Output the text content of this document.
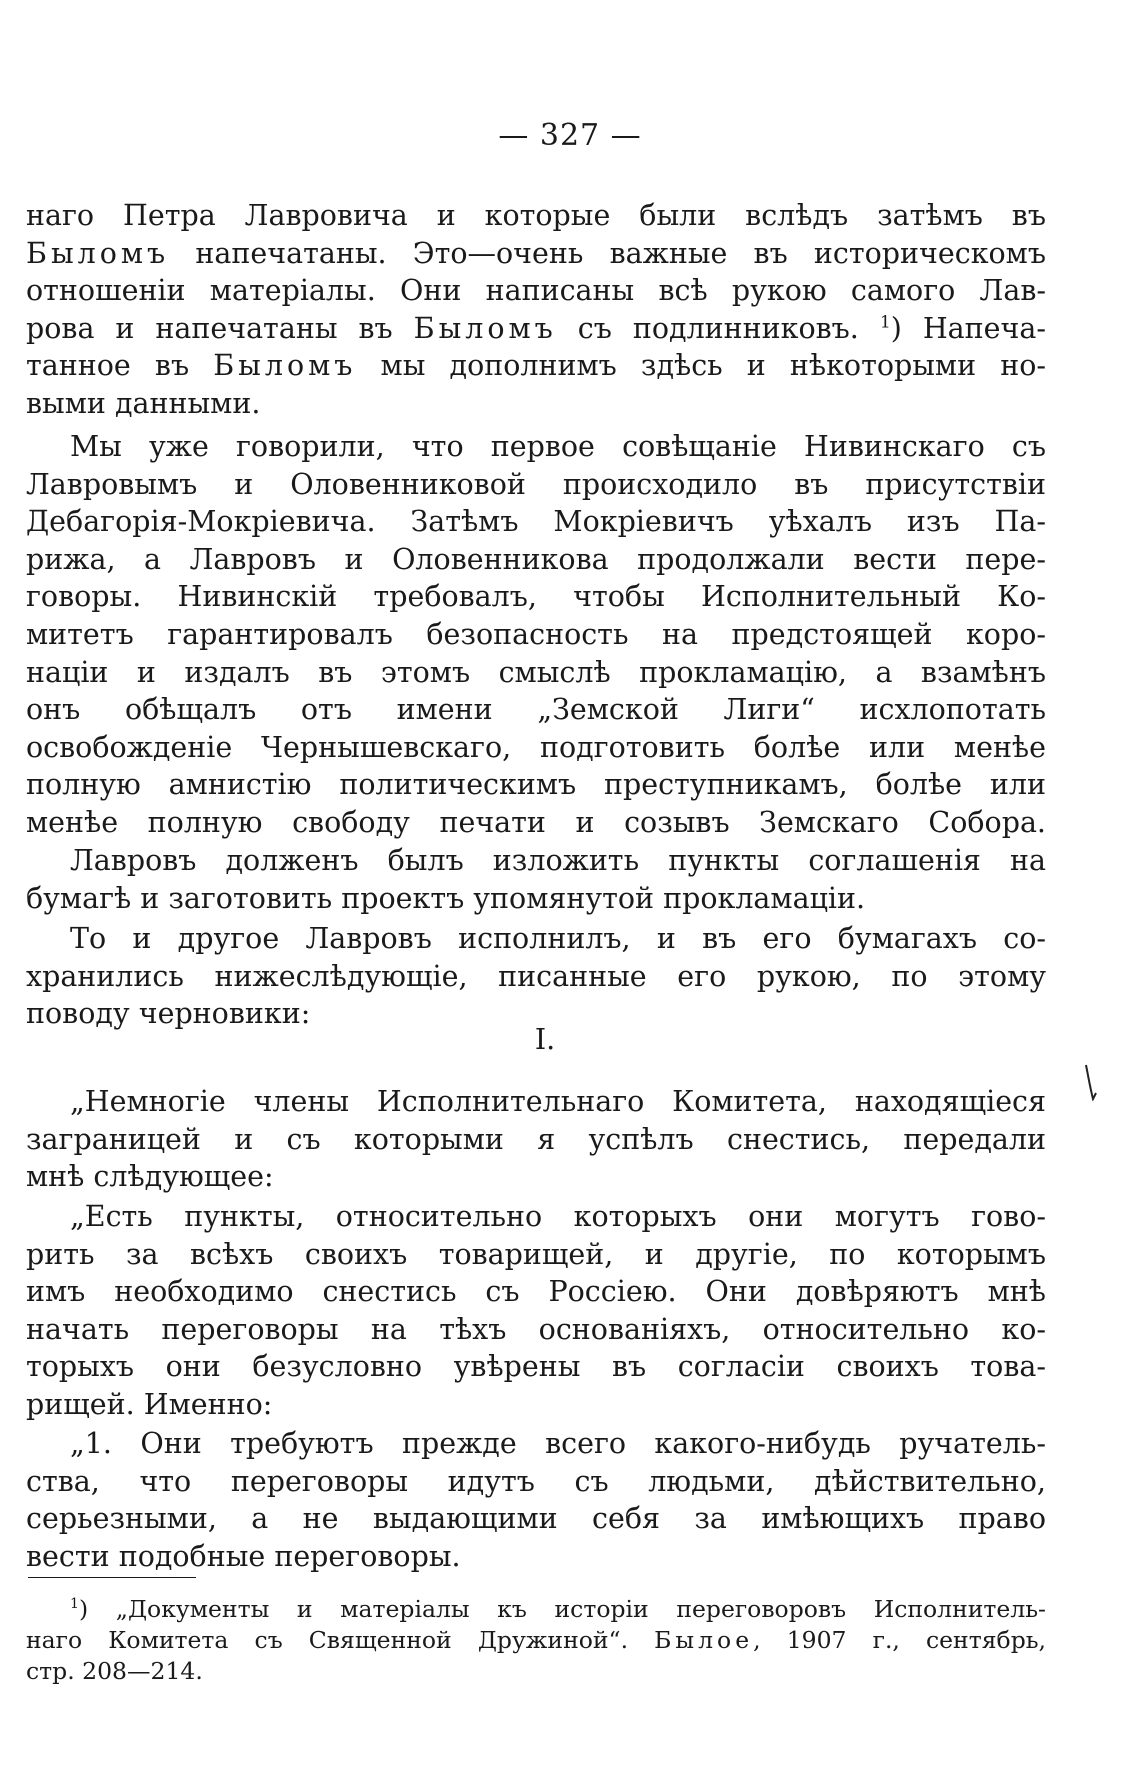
— 327 —
наго Петра Лавровича и которые были вслѣдъ затѣмъ въ
Быломъ напечатаны. Это—очень важные въ историческомъ
отношеніи матеріалы. Они написаны всѣ рукою самого Лав-
рова и напечатаны въ Быломъ съ подлинниковъ. $^1$) Напеча-
танное въ Быломъ мы дополнимъ здѣсь и нѣкоторыми но-
выми данными.
Мы уже говорили, что первое совѣщаніе Нивинскаго съ
Лавровымъ и Оловенниковой происходило въ присутствіи
Дебагорія-Мокріевича. Затѣмъ Мокріевичъ уѣхалъ изъ Па-
рижа, а Лавровъ и Оловенникова продолжали вести пере-
говоры. Нивинскій требовалъ, чтобы Исполнительный Ко-
митетъ гарантировалъ безопасность на предстоящей коро-
націи и издалъ въ этомъ смыслѣ прокламацію, а взамѣнъ
онъ обѣщалъ отъ имени „Земской Лиги“ исхлопотать
освобожденіе Чернышевскаго, подготовить болѣе или менѣе
полную амнистію политическимъ преступникамъ, болѣе или
менѣе полную свободу печати и созывъ Земскаго Собора.
Лавровъ долженъ былъ изложить пункты соглашенія на
бумагѣ и заготовить проектъ упомянутой прокламаціи.
То и другое Лавровъ исполнилъ, и въ его бумагахъ со-
хранились нижеслѣдующіе, писанные его рукою, по этому
поводу черновики:
I.
„Немногіе члены Исполнительнаго Комитета, находящіеся
заграницей и съ которыми я успѣлъ снестись, передали
мнѣ слѣдующее:
„Есть пункты, относительно которыхъ они могутъ гово-
рить за всѣхъ своихъ товарищей, и другіе, по которымъ
имъ необходимо снестись съ Россіею. Они довѣряютъ мнѣ
начать переговоры на тѣхъ основаніяхъ, относительно ко-
торыхъ они безусловно увѣрены въ согласіи своихъ това-
рищей. Именно:
„1. Они требуютъ прежде всего какого-нибудь ручатель-
ства, что переговоры идутъ съ людьми, дѣйствительно,
серьезными, а не выдающими себя за имѣющихъ право
вести подобные переговоры.
$^1$) „Документы и матеріалы къ исторіи переговоровъ Исполнитель-
наго Комитета съ Священной Дружиной“. Былое, 1907 г., сентябрь,
стр. 208—214.
